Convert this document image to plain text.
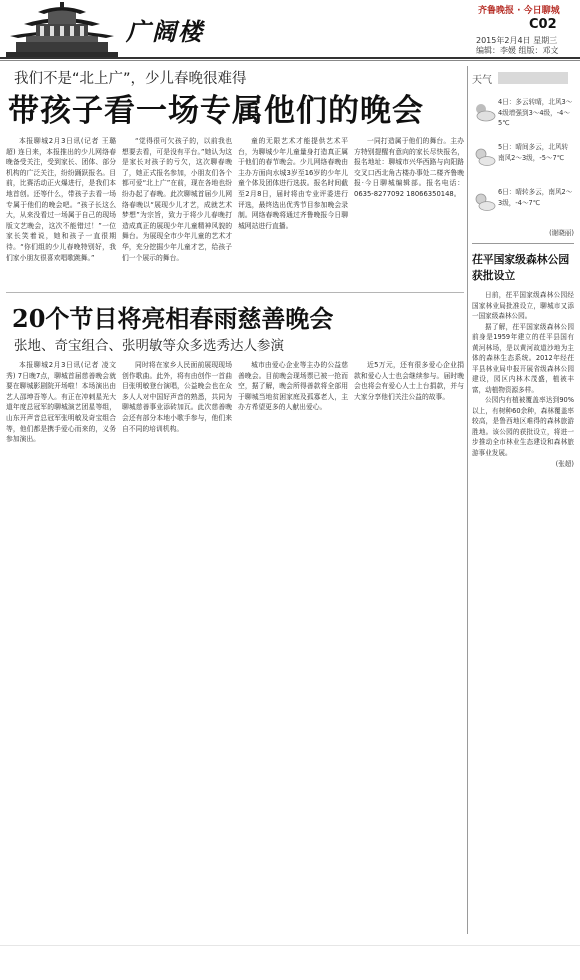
广阔楼
齐鲁晚报 · 今日聊城
C02
2015年2月4日 星期三
编辑：李媛 组版：邓文
我们不是“北上广”，少儿春晚很难得
带孩子看一场专属他们的晚会

本报聊城2月3日讯(记者 王璐超) 连日来，本报推出的少儿网络春晚备受关注，受到家长、团体、部分机构的广泛关注，纷纷踊跃报名。目前，比赛活动正火爆进行，是我们本地首创。还等什么，带孩子去看一场专属于他们的晚会吧。“孩子长这么大，从来没看过一场属于自己的现场版文艺晚会，这次不能错过！”一位家长笑着说，她和孩子一直很期待。“你们组的少儿春晚特别好，我们家小朋友很喜欢唱歌跳舞。”

“觉得很可欠孩子的，以前我也想要去看，可是没有平台。”她认为这是家长对孩子的亏欠，这次聊春晚了，她正式报名参加，小朋友们各个都可爱“北上广”在前，现在各地也纷纷办起了春晚。此次聊城首届少儿网络春晚以“展现少儿才艺，成就艺术梦想”为宗旨，致力于将少儿春晚打造成真正的展现少年儿童精神风貌的舞台。为展现全市少年儿童的艺术才华，充分挖掘少年儿童才艺，给孩子们一个展示的舞台。

童的无限艺术才能提供艺术平台，为聊城少年儿童量身打造真正属于他们的春节晚会。少儿网络春晚由主办方面向水城3岁至16岁的少年儿童个体及团体进行选拔。报名时间截至2月8日，届时将由专业评委进行评选，最终选出优秀节目参加晚会录制。网络春晚将通过齐鲁晚报今日聊城网站进行直播。

一同打造属于他们的舞台。主办方特别提醒有意向的家长尽快报名，报名地址：聊城市兴华西路与向阳路交叉口西北角古楼办事处二楼齐鲁晚报·今日聊城编辑部。报名电话：0635-8277092 18066350148。

20个节目将亮相春雨慈善晚会
张地、奇宝组合、张明敏等众多选秀达人参演

本报聊城2月3日讯(记者 凌文秀) 7日晚7点，聊城首届慈善晚会就要在聊城影剧院开场啦！本场演出由艺人邵坤吾等人。有正在冲刺星光大道年度总冠军的聊城演艺团星等组，山东开声音总冠军张明敏及奇宝组合等，他们都是携手爱心而来的，义务参加演出。

同时将在家乡人民面前展现现场创作歌曲。此外，将有由创作一首曲目张明敏登台演唱，公益晚会也在众多人人对中国好声音的熟悉，共同为聊城慈善事业添砖加瓦。此次慈善晚会还有部分本地小歌手参与，他们来自不同的培训机构。

城市由爱心企业等主办的公益慈善晚会。目前晚会现场票已被一抢而空，据了解，晚会所得善款将全部用于聊城当地贫困家庭及孤寡老人，主办方希望更多的人献出爱心。

近5万元，还有很多爱心企业捐款和爱心人士也会继续参与。届时晚会也将会有爱心人士上台捐款，并与大家分享他们关注公益的故事。

天气
4日：多云转晴，北风3～4级增强到3～4级，-4～5℃
5日：晴间多云，北风转南风2～3级，-5～7℃
6日：晴转多云，南风2～3级，-4～7℃
(谢晓丽)
茌平国家级森林公园获批设立

日前，茌平国家级森林公园经国家林业局批准设立，聊城市又添一国家级森林公园。

据了解，茌平国家级森林公园前身是1959年建立的茌平县国有黄河林场，是以黄河故道沙地为主体的森林生态系统。2012年经茌平县林业局申报开展省级森林公园建设，园区内林木茂盛，植被丰富，动植物资源多样。

公园内有植被覆盖率达到90%以上，有树种60余种，森林覆盖率较高，是鲁西地区难得的森林旅游胜地。该公园的获批设立，将进一步推动全市林业生态建设和森林旅游事业发展。

(张超)
